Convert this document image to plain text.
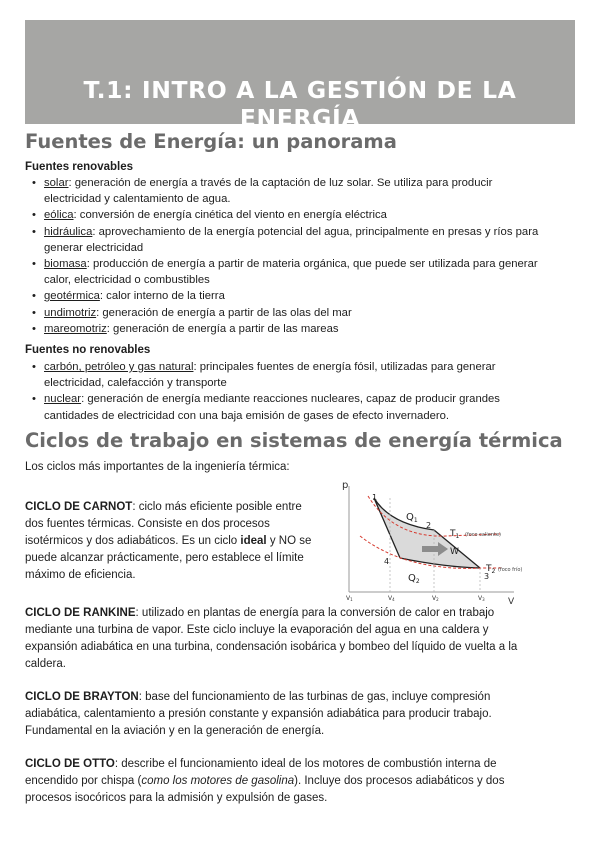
T.1: INTRO A LA GESTIÓN DE LA ENERGÍA
Fuentes de Energía: un panorama
Fuentes renovables
• solar: generación de energía a través de la captación de luz solar. Se utiliza para producir electricidad y calentamiento de agua.
• eólica: conversión de energía cinética del viento en energía eléctrica
• hidráulica: aprovechamiento de la energía potencial del agua, principalmente en presas y ríos para generar electricidad
• biomasa: producción de energía a partir de materia orgánica, que puede ser utilizada para generar calor, electricidad o combustibles
• geotérmica: calor interno de la tierra
• undimotriz: generación de energía a partir de las olas del mar
• mareomotriz: generación de energía a partir de las mareas
Fuentes no renovables
• carbón, petróleo y gas natural: principales fuentes de energía fósil, utilizadas para generar electricidad, calefacción y transporte
• nuclear: generación de energía mediante reacciones nucleares, capaz de producir grandes cantidades de electricidad con una baja emisión de gases de efecto invernadero.
Ciclos de trabajo en sistemas de energía térmica

Los ciclos más importantes de la ingeniería térmica:

CICLO DE CARNOT: ciclo más eficiente posible entre dos fuentes térmicas. Consiste en dos procesos isotérmicos y dos adiabáticos. Es un ciclo ideal y NO se puede alcanzar prácticamente, pero establece el límite máximo de eficiencia.

p
V
1
2
3
4
$Q_1$
$Q_2$
W
$T_1$ (foco caliente)
$T_2$ (foco frío)
V1	V4	V2	V3

CICLO DE RANKINE: utilizado en plantas de energía para la conversión de calor en trabajo mediante una turbina de vapor. Este ciclo incluye la evaporación del agua en una caldera y expansión adiabática en una turbina, condensación isobárica y bombeo del líquido de vuelta a la caldera.

CICLO DE BRAYTON: base del funcionamiento de las turbinas de gas, incluye compresión adiabática, calentamiento a presión constante y expansión adiabática para producir trabajo. Fundamental en la aviación y en la generación de energía.

CICLO DE OTTO: describe el funcionamiento ideal de los motores de combustión interna de encendido por chispa (como los motores de gasolina). Incluye dos procesos adiabáticos y dos procesos isocóricos para la admisión y expulsión de gases.
